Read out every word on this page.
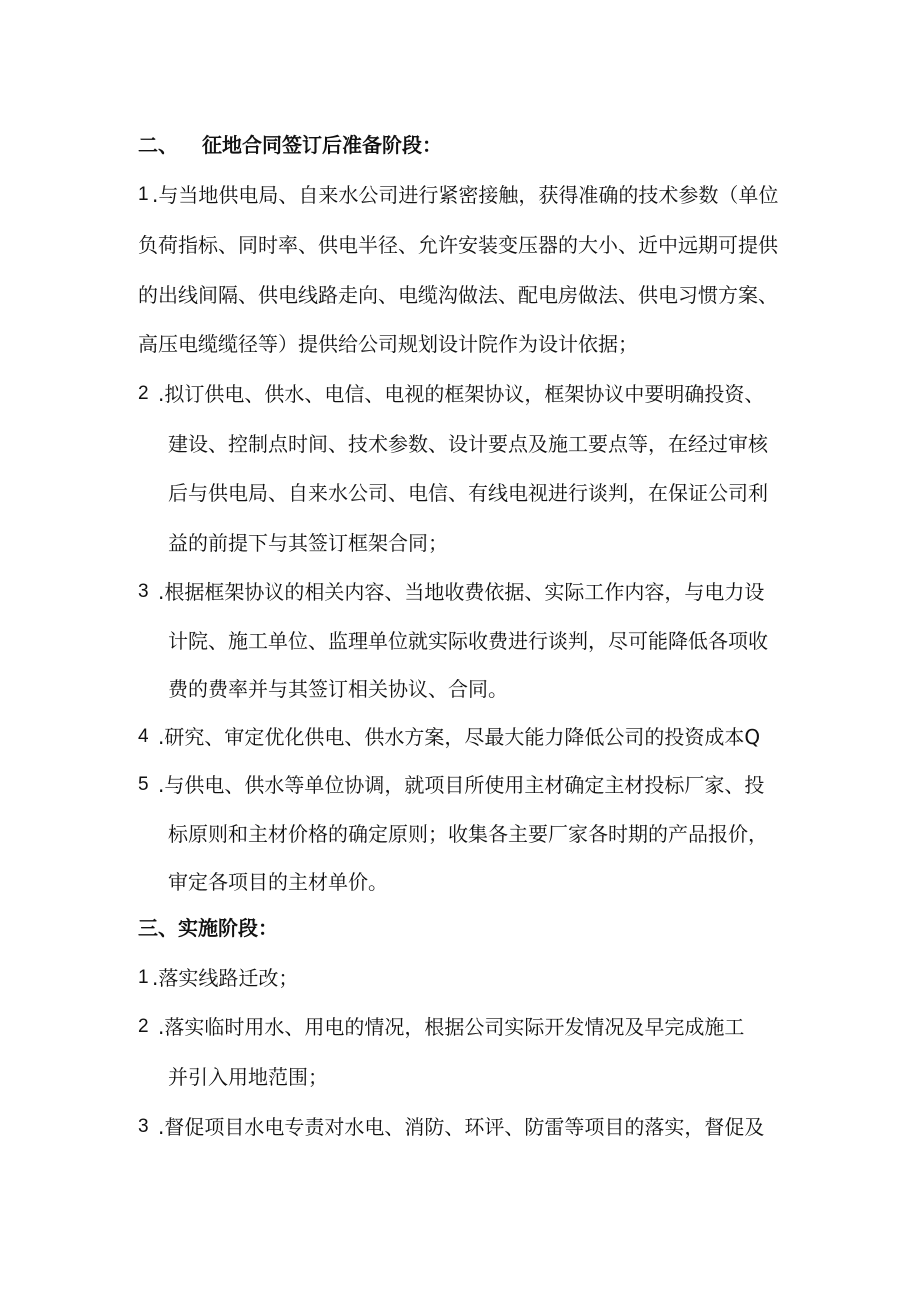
二、 征地合同签订后准备阶段：
1 .与当地供电局、自来水公司进行紧密接触，获得准确的技术参数（单位
负荷指标、同时率、供电半径、允许安装变压器的大小、近中远期可提供
的出线间隔、供电线路走向、电缆沟做法、配电房做法、供电习惯方案、
高压电缆缆径等）提供给公司规划设计院作为设计依据；
2 .拟订供电、供水、电信、电视的框架协议，框架协议中要明确投资、
建设、控制点时间、技术参数、设计要点及施工要点等，在经过审核
后与供电局、自来水公司、电信、有线电视进行谈判，在保证公司利
益的前提下与其签订框架合同；
3 .根据框架协议的相关内容、当地收费依据、实际工作内容，与电力设
计院、施工单位、监理单位就实际收费进行谈判，尽可能降低各项收
费的费率并与其签订相关协议、合同。
4 .研究、审定优化供电、供水方案，尽最大能力降低公司的投资成本Q
5 .与供电、供水等单位协调，就项目所使用主材确定主材投标厂家、投
标原则和主材价格的确定原则；收集各主要厂家各时期的产品报价，
审定各项目的主材单价。
三、实施阶段：
1 .落实线路迁改；
2 .落实临时用水、用电的情况，根据公司实际开发情况及早完成施工
并引入用地范围；
3 .督促项目水电专责对水电、消防、环评、防雷等项目的落实，督促及
